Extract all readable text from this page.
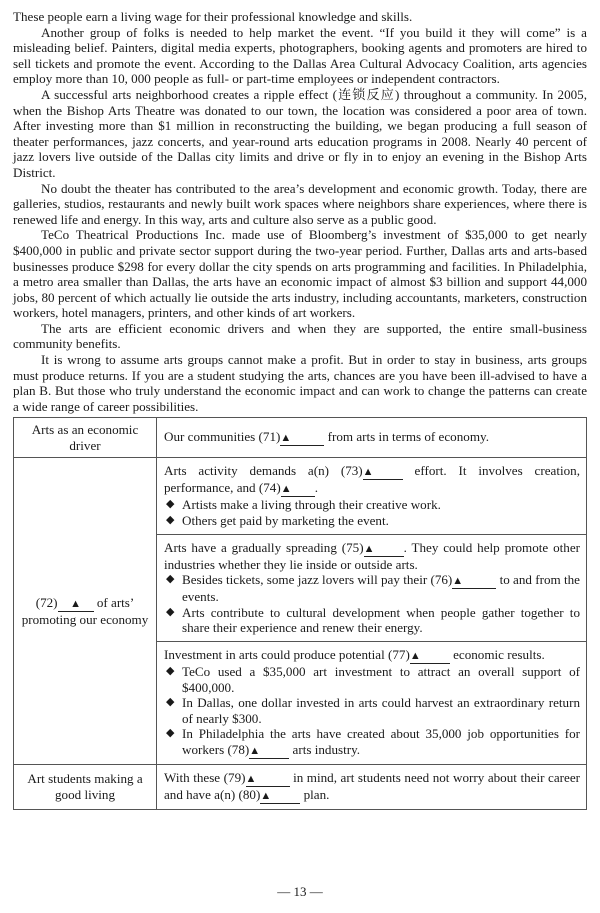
These people earn a living wage for their professional knowledge and skills.

Another group of folks is needed to help market the event. “If you build it they will come” is a misleading belief. Painters, digital media experts, photographers, booking agents and promoters are hired to sell tickets and promote the event. According to the Dallas Area Cultural Advocacy Coalition, arts agencies employ more than 10, 000 people as full- or part-time employees or independent contractors.

A successful arts neighborhood creates a ripple effect (连锁反应) throughout a community. In 2005, when the Bishop Arts Theatre was donated to our town, the location was considered a poor area of town. After investing more than $1 million in reconstructing the building, we began producing a full season of theater performances, jazz concerts, and year-round arts education programs in 2008. Nearly 40 percent of jazz lovers live outside of the Dallas city limits and drive or fly in to enjoy an evening in the Bishop Arts District.

No doubt the theater has contributed to the area’s development and economic growth. Today, there are galleries, studios, restaurants and newly built work spaces where neighbors share experiences, where there is renewed life and energy. In this way, arts and culture also serve as a public good.

TeCo Theatrical Productions Inc. made use of Bloomberg’s investment of $35,000 to get nearly $400,000 in public and private sector support during the two-year period. Further, Dallas arts and arts-based businesses produce $298 for every dollar the city spends on arts programming and facilities. In Philadelphia, a metro area smaller than Dallas, the arts have an economic impact of almost $3 billion and support 44,000 jobs, 80 percent of which actually lie outside the arts industry, including accountants, marketers, construction workers, hotel managers, printers, and other kinds of art workers.

The arts are efficient economic drivers and when they are supported, the entire small-business community benefits.

It is wrong to assume arts groups cannot make a profit. But in order to stay in business, arts groups must produce returns. If you are a student studying the arts, chances are you have been ill-advised to have a plan B. But those who truly understand the economic impact and can work to change the patterns can create a wide range of career possibilities.

Arts as an economic driver	Our communities (71)▲ from arts in terms of economy.
(72) ▲ of arts’ promoting our economy	Arts activity demands a(n) (73)▲ effort. It involves creation, performance, and (74)▲ .
◆ Artists make a living through their creative work.
◆ Others get paid by marketing the event.

	Arts have a gradually spreading (75)▲ . They could help promote other industries whether they lie inside or outside arts.
◆ Besides tickets, some jazz lovers will pay their (76)▲ to and from the events.
◆ Arts contribute to cultural development when people gather together to share their experience and renew their energy.

Investment in arts could produce potential (77)▲ economic results.
◆ TeCo used a $35,000 art investment to attract an overall support of $400,000.
◆ In Dallas, one dollar invested in arts could harvest an extraordinary return of nearly $300.
◆ In Philadelphia the arts have created about 35,000 job opportunities for workers (78)▲ arts industry.

Art students making a good living	With these (79)▲ in mind, art students need not worry about their career and have a(n) (80)▲ plan.
— 13 —
